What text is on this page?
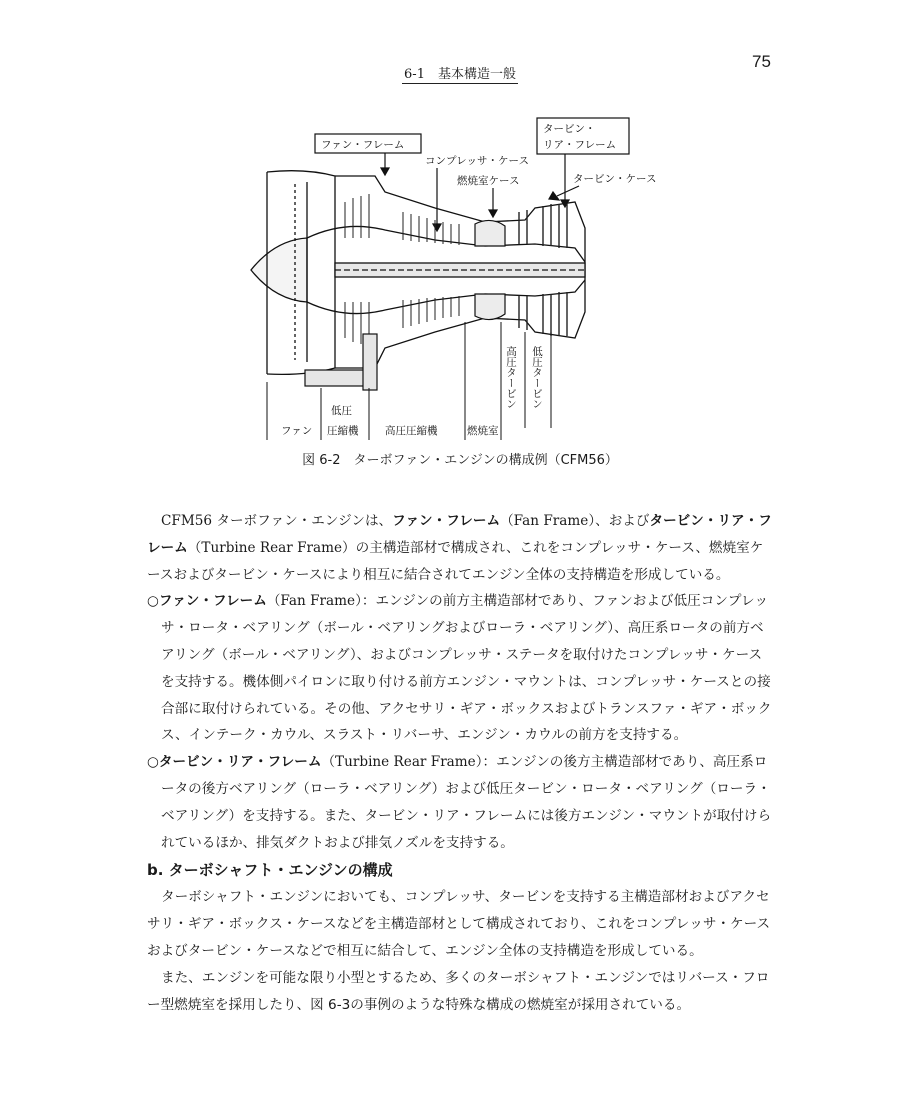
75
6-1　基本構造一般
ファン・フレーム
タービン・
リア・フレーム
コンプレッサ・ケース
燃焼室ケース	タービン・ケース
ファン
低圧
圧縮機	高圧圧縮機	燃焼室
高圧タービン 低圧タービン
図 6-2　ターボファン・エンジンの構成例（CFM56）

CFM56 ターボファン・エンジンは、ファン・フレーム（Fan Frame）、およびタービン・リア・フレーム（Turbine Rear Frame）の主構造部材で構成され、これをコンプレッサ・ケース、燃焼室ケースおよびタービン・ケースにより相互に結合されてエンジン全体の支持構造を形成している。

○ファン・フレーム（Fan Frame）：エンジンの前方主構造部材であり、ファンおよび低圧コンプレッサ・ロータ・ベアリング（ボール・ベアリングおよびローラ・ベアリング）、高圧系ロータの前方ベアリング（ボール・ベアリング）、およびコンプレッサ・ステータを取付けたコンプレッサ・ケースを支持する。機体側パイロンに取り付ける前方エンジン・マウントは、コンプレッサ・ケースとの接合部に取付けられている。その他、アクセサリ・ギア・ボックスおよびトランスファ・ギア・ボックス、インテーク・カウル、スラスト・リバーサ、エンジン・カウルの前方を支持する。

○タービン・リア・フレーム（Turbine Rear Frame）：エンジンの後方主構造部材であり、高圧系ロータの後方ベアリング（ローラ・ベアリング）および低圧タービン・ロータ・ベアリング（ローラ・ベアリング）を支持する。また、タービン・リア・フレームには後方エンジン・マウントが取付けられているほか、排気ダクトおよび排気ノズルを支持する。

b. ターボシャフト・エンジンの構成

ターボシャフト・エンジンにおいても、コンプレッサ、タービンを支持する主構造部材およびアクセサリ・ギア・ボックス・ケースなどを主構造部材として構成されており、これをコンプレッサ・ケースおよびタービン・ケースなどで相互に結合して、エンジン全体の支持構造を形成している。

また、エンジンを可能な限り小型とするため、多くのターボシャフト・エンジンではリバース・フロー型燃焼室を採用したり、図 6-3の事例のような特殊な構成の燃焼室が採用されている。
